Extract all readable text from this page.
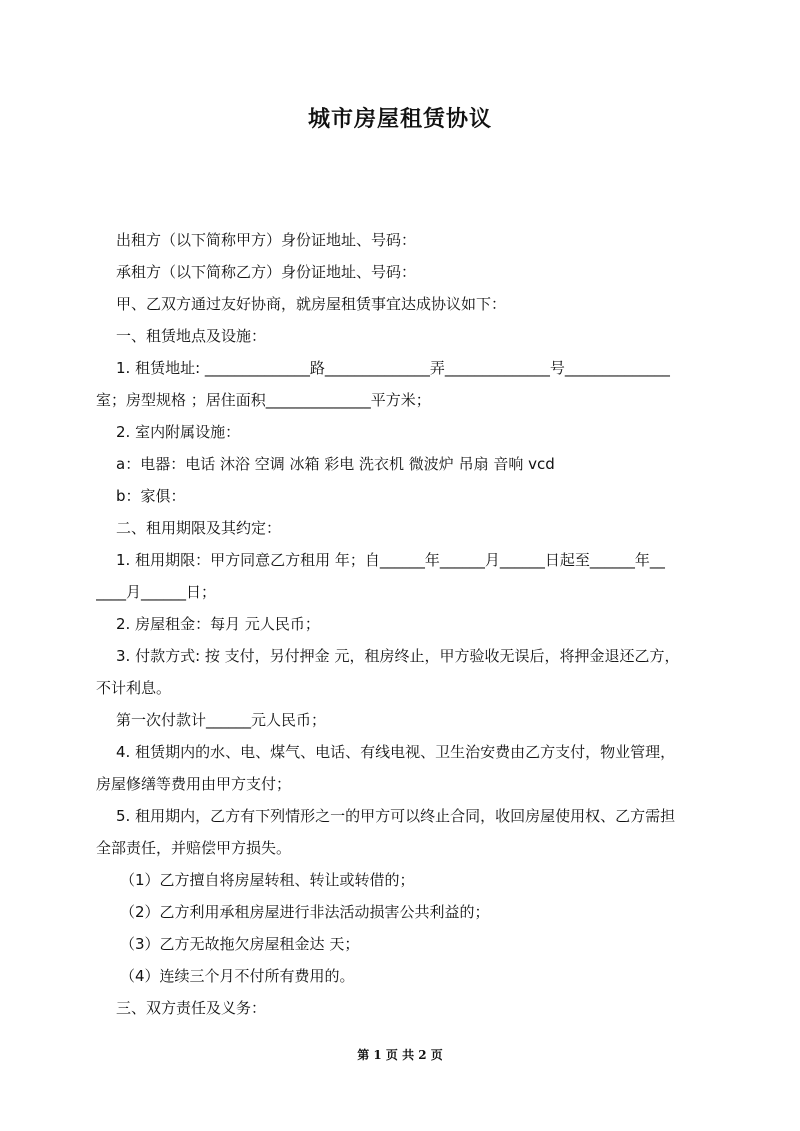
城市房屋租赁协议
出租方（以下简称甲方）身份证地址、号码：
承租方（以下简称乙方）身份证地址、号码：
甲、乙双方通过友好协商，就房屋租赁事宜达成协议如下：
一、租赁地点及设施：
1. 租赁地址: ______________路______________弄______________号______________
室；房型规格 ；居住面积______________平方米；
2. 室内附属设施：
a：电器：电话 沐浴 空调 冰箱 彩电 洗衣机 微波炉 吊扇 音响 vcd
b：家俱：
二、租用期限及其约定：
1. 租用期限：甲方同意乙方租用 年；自______年______月______日起至______年__
____月______日；
2. 房屋租金：每月 元人民币；
3. 付款方式: 按 支付，另付押金 元，租房终止，甲方验收无误后，将押金退还乙方，
不计利息。
第一次付款计______元人民币；
4. 租赁期内的水、电、煤气、电话、有线电视、卫生治安费由乙方支付，物业管理，
房屋修缮等费用由甲方支付；
5. 租用期内，乙方有下列情形之一的甲方可以终止合同，收回房屋使用权、乙方需担
全部责任，并赔偿甲方损失。
（1）乙方擅自将房屋转租、转让或转借的；
（2）乙方利用承租房屋进行非法活动损害公共利益的；
（3）乙方无故拖欠房屋租金达 天；
（4）连续三个月不付所有费用的。
三、双方责任及义务：
第 1 页 共 2 页
